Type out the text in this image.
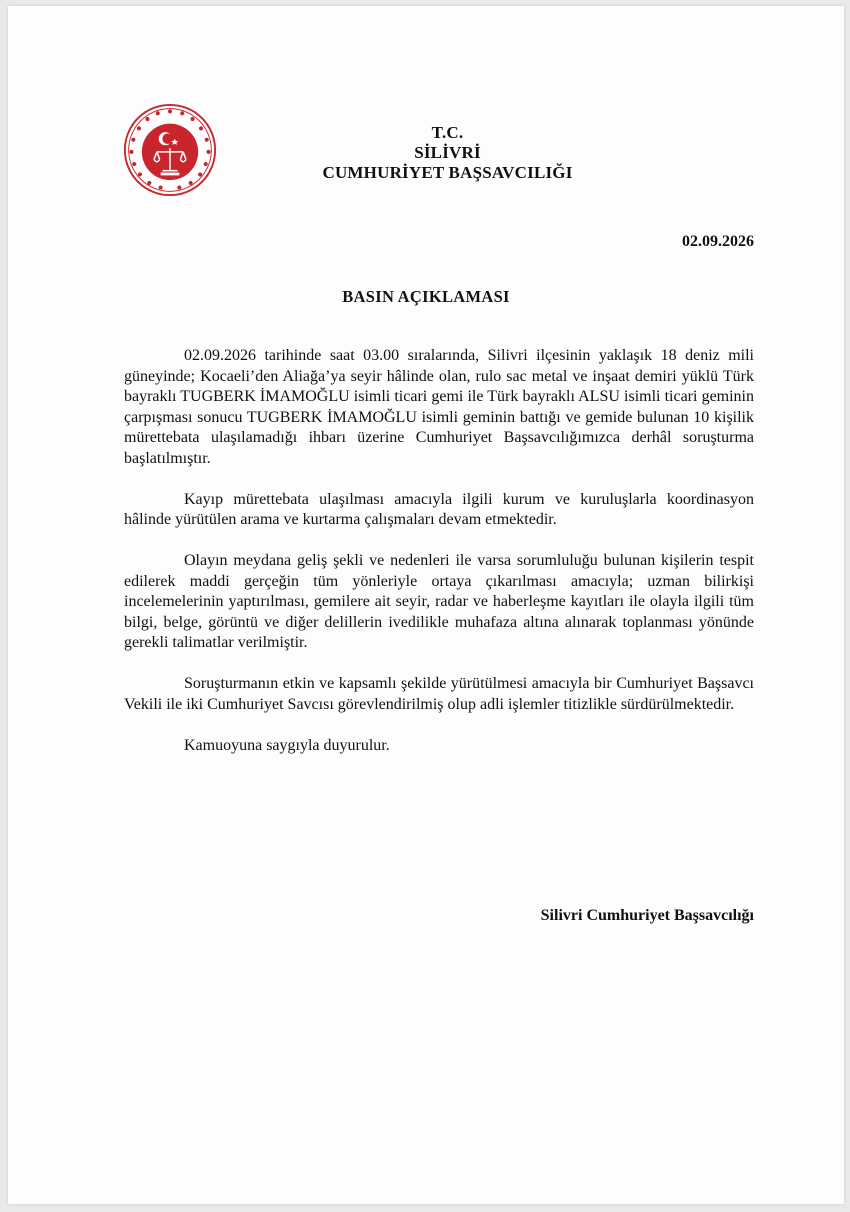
T.C.
SİLİVRİ
CUMHURİYET BAŞSAVCILIĞI
02.09.2026
BASIN AÇIKLAMASI

02.09.2026 tarihinde saat 03.00 sıralarında, Silivri ilçesinin yaklaşık 18 deniz mili güneyinde; Kocaeli’den Aliağa’ya seyir hâlinde olan, rulo sac metal ve inşaat demiri yüklü Türk bayraklı TUGBERK İMAMOĞLU isimli ticari gemi ile Türk bayraklı ALSU isimli ticari geminin çarpışması sonucu TUGBERK İMAMOĞLU isimli geminin battığı ve gemide bulunan 10 kişilik mürettebata ulaşılamadığı ihbarı üzerine Cumhuriyet Başsavcılığımızca derhâl soruşturma başlatılmıştır.

Kayıp mürettebata ulaşılması amacıyla ilgili kurum ve kuruluşlarla koordinasyon hâlinde yürütülen arama ve kurtarma çalışmaları devam etmektedir.

Olayın meydana geliş şekli ve nedenleri ile varsa sorumluluğu bulunan kişilerin tespit edilerek maddi gerçeğin tüm yönleriyle ortaya çıkarılması amacıyla; uzman bilirkişi incelemelerinin yaptırılması, gemilere ait seyir, radar ve haberleşme kayıtları ile olayla ilgili tüm bilgi, belge, görüntü ve diğer delillerin ivedilikle muhafaza altına alınarak toplanması yönünde gerekli talimatlar verilmiştir.

Soruşturmanın etkin ve kapsamlı şekilde yürütülmesi amacıyla bir Cumhuriyet Başsavcı Vekili ile iki Cumhuriyet Savcısı görevlendirilmiş olup adli işlemler titizlikle sürdürülmektedir.

Kamuoyuna saygıyla duyurulur.

Silivri Cumhuriyet Başsavcılığı
